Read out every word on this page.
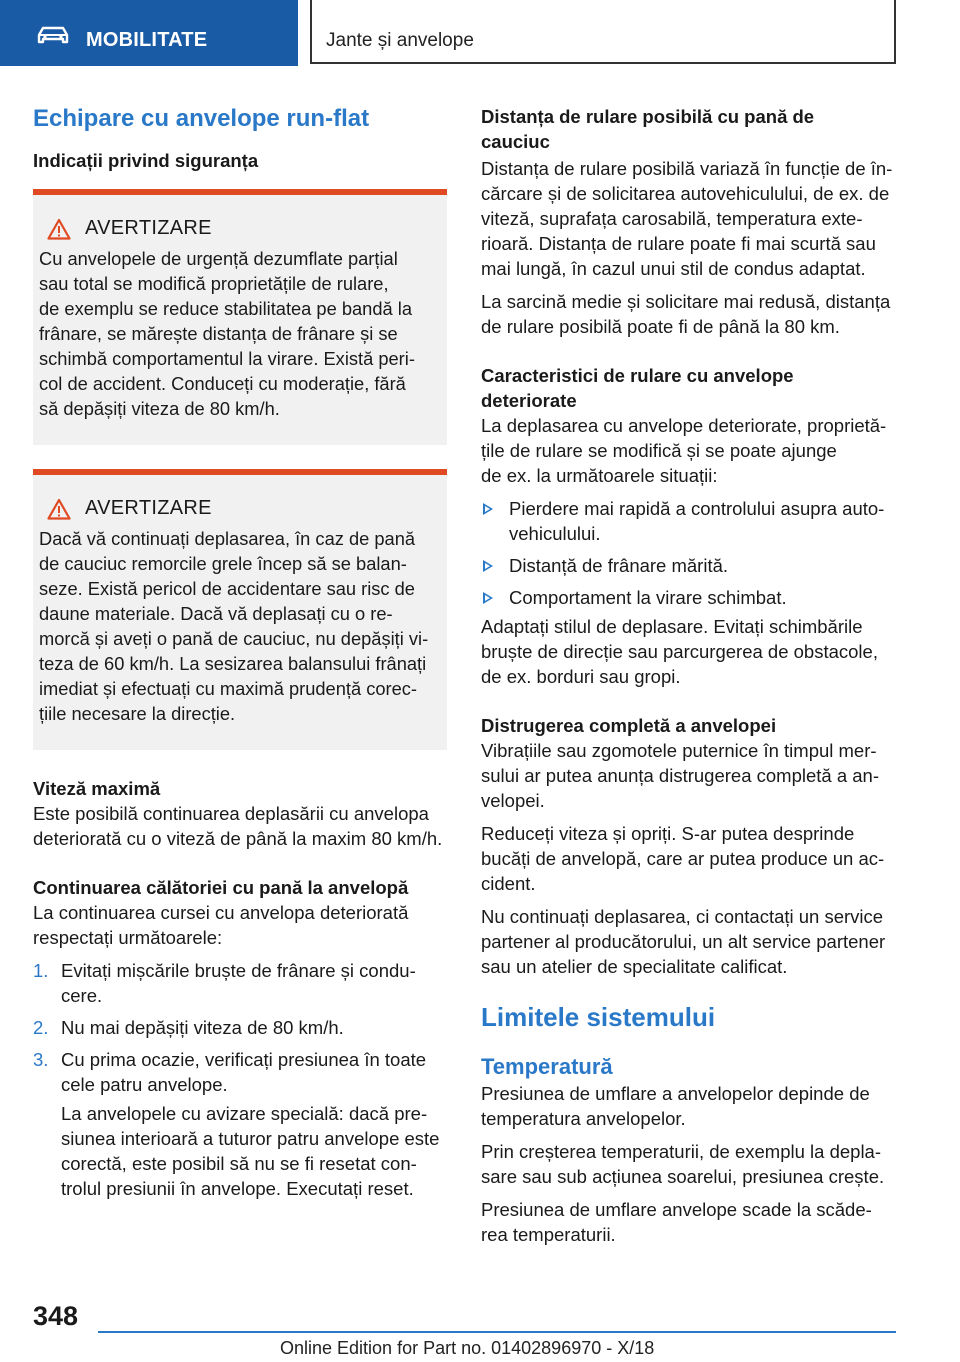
MOBILITATE	Jante și anvelope
Echipare cu anvelope run-flat
Indicații privind siguranța
AVERTIZARE
Cu anvelopele de urgență dezumflate parțial
sau total se modifică proprietățile de rulare,
de exemplu se reduce stabilitatea pe bandă la
frânare, se mărește distanța de frânare și se
schimbă comportamentul la virare. Există peri-
col de accident. Conduceți cu moderație, fără
să depășiți viteza de 80 km/h.
AVERTIZARE
Dacă vă continuați deplasarea, în caz de pană
de cauciuc remorcile grele încep să se balan-
seze. Există pericol de accidentare sau risc de
daune materiale. Dacă vă deplasați cu o re-
morcă și aveți o pană de cauciuc, nu depășiți vi-
teza de 60 km/h. La sesizarea balansului frânați
imediat și efectuați cu maximă prudență corec-
țiile necesare la direcție.
Viteză maximă
Este posibilă continuarea deplasării cu anvelopa
deteriorată cu o viteză de până la maxim 80 km/h.
Continuarea călătoriei cu pană la anvelopă
La continuarea cursei cu anvelopa deteriorată
respectați următoarele:
1. Evitați mișcările bruște de frânare și condu-
cere.
2. Nu mai depășiți viteza de 80 km/h.
3. Cu prima ocazie, verificați presiunea în toate
cele patru anvelope.
La anvelopele cu avizare specială: dacă pre-
siunea interioară a tuturor patru anvelope este
corectă, este posibil să nu se fi resetat con-
trolul presiunii în anvelope. Executați reset.
Distanța de rulare posibilă cu pană de
cauciuc
Distanța de rulare posibilă variază în funcție de în-
cărcare și de solicitarea autovehiculului, de ex. de
viteză, suprafața carosabilă, temperatura exte-
rioară. Distanța de rulare poate fi mai scurtă sau
mai lungă, în cazul unui stil de condus adaptat.
La sarcină medie și solicitare mai redusă, distanța
de rulare posibilă poate fi de până la 80 km.
Caracteristici de rulare cu anvelope
deteriorate
La deplasarea cu anvelope deteriorate, proprietă-
țile de rulare se modifică și se poate ajunge
de ex. la următoarele situații:
Pierdere mai rapidă a controlului asupra auto-
vehiculului.
Distanță de frânare mărită.
Comportament la virare schimbat.
Adaptați stilul de deplasare. Evitați schimbările
bruște de direcție sau parcurgerea de obstacole,
de ex. borduri sau gropi.
Distrugerea completă a anvelopei
Vibrațiile sau zgomotele puternice în timpul mer-
sului ar putea anunța distrugerea completă a an-
velopei.
Reduceți viteza și opriți. S-ar putea desprinde
bucăți de anvelopă, care ar putea produce un ac-
cident.
Nu continuați deplasarea, ci contactați un service
partener al producătorului, un alt service partener
sau un atelier de specialitate calificat.
Limitele sistemului
Temperatură
Presiunea de umflare a anvelopelor depinde de
temperatura anvelopelor.
Prin creșterea temperaturii, de exemplu la depla-
sare sau sub acțiunea soarelui, presiunea crește.
Presiunea de umflare anvelope scade la scăde-
rea temperaturii.
348
Online Edition for Part no. 01402896970 - X/18
